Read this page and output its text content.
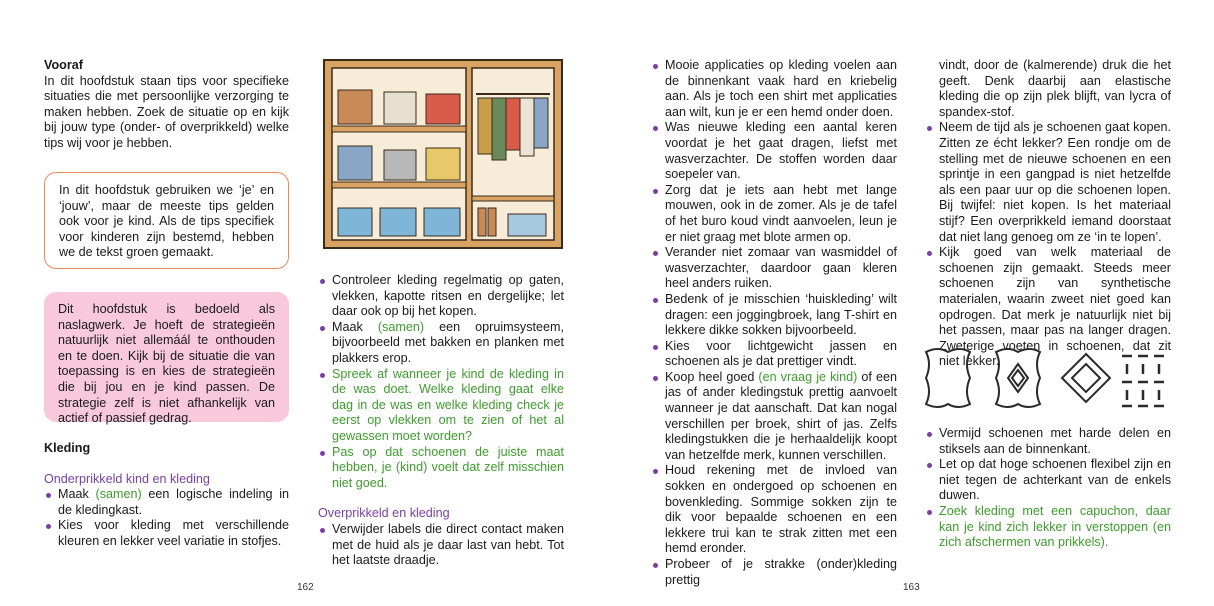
Vooraf
In dit hoofdstuk staan tips voor specifieke situaties die met persoonlijke verzorging te maken hebben. Zoek de situatie op en kijk bij jouw type (onder- of overprikkeld) welke tips wij voor je hebben.
In dit hoofdstuk gebruiken we ‘je’ en ‘jouw’, maar de meeste tips gelden ook voor je kind. Als de tips specifiek voor kinderen zijn bestemd, hebben we de tekst groen gemaakt.
Dit hoofdstuk is bedoeld als naslagwerk. Je hoeft de strategieën natuurlijk niet allemáál te onthouden en te doen. Kijk bij de situatie die van toepassing is en kies de strategieën die bij jou en je kind passen. De strategie zelf is niet afhankelijk van actief of passief gedrag.
Kleding
Onderprikkeld kind en kleding
Maak (samen) een logische indeling in de kledingkast.
Kies voor kleding met verschillende kleuren en lekker veel variatie in stofjes.
Controleer kleding regelmatig op gaten, vlekken, kapotte ritsen en dergelijke; let daar ook op bij het kopen.
Maak (samen) een opruimsysteem, bijvoorbeeld met bakken en planken met plakkers erop.
Spreek af wanneer je kind de kleding in de was doet. Welke kleding gaat elke dag in de was en welke kleding check je eerst op vlekken om te zien of het al gewassen moet worden?
Pas op dat schoenen de juiste maat hebben, je (kind) voelt dat zelf misschien niet goed.
Overprikkeld en kleding
Verwijder labels die direct contact maken met de huid als je daar last van hebt. Tot het laatste draadje.
162
Mooie applicaties op kleding voelen aan de binnenkant vaak hard en kriebelig aan. Als je toch een shirt met applicaties aan wilt, kun je er een hemd onder doen.
Was nieuwe kleding een aantal keren voordat je het gaat dragen, liefst met wasverzachter. De stoffen worden daar soepeler van.
Zorg dat je iets aan hebt met lange mouwen, ook in de zomer. Als je de tafel of het buro koud vindt aanvoelen, leun je er niet graag met blote armen op.
Verander niet zomaar van wasmiddel of wasverzachter, daardoor gaan kleren heel anders ruiken.
Bedenk of je misschien ‘huiskleding’ wilt dragen: een joggingbroek, lang T-shirt en lekkere dikke sokken bijvoorbeeld.
Kies voor lichtgewicht jassen en schoenen als je dat prettiger vindt.
Koop heel goed (en vraag je kind) of een jas of ander kledingstuk prettig aanvoelt wanneer je dat aanschaft. Dat kan nogal verschillen per broek, shirt of jas. Zelfs kledingstukken die je herhaaldelijk koopt van hetzelfde merk, kunnen verschillen.
Houd rekening met de invloed van sokken en ondergoed op schoenen en bovenkleding. Sommige sokken zijn te dik voor bepaalde schoenen en een lekkere trui kan te strak zitten met een hemd eronder.
Probeer of je strakke (onder)kleding prettig
vindt, door de (kalmerende) druk die het geeft. Denk daarbij aan elastische kleding die op zijn plek blijft, van lycra of spandex-stof.
Neem de tijd als je schoenen gaat kopen. Zitten ze écht lekker? Een rondje om de stelling met de nieuwe schoenen en een sprintje in een gangpad is niet hetzelfde als een paar uur op die schoenen lopen. Bij twijfel: niet kopen. Is het materiaal stijf? Een overprikkeld iemand doorstaat dat niet lang genoeg om ze ‘in te lopen’.
Kijk goed van welk materiaal de schoenen zijn gemaakt. Steeds meer schoenen zijn van synthetische materialen, waarin zweet niet goed kan opdrogen. Dat merk je natuurlijk niet bij het passen, maar pas na langer dragen. Zweterige voeten in schoenen, dat zit niet lekker.
Vermijd schoenen met harde delen en stiksels aan de binnenkant.
Let op dat hoge schoenen flexibel zijn en niet tegen de achterkant van de enkels duwen.
Zoek kleding met een capuchon, daar kan je kind zich lekker in verstoppen (en zich afschermen van prikkels).
163
